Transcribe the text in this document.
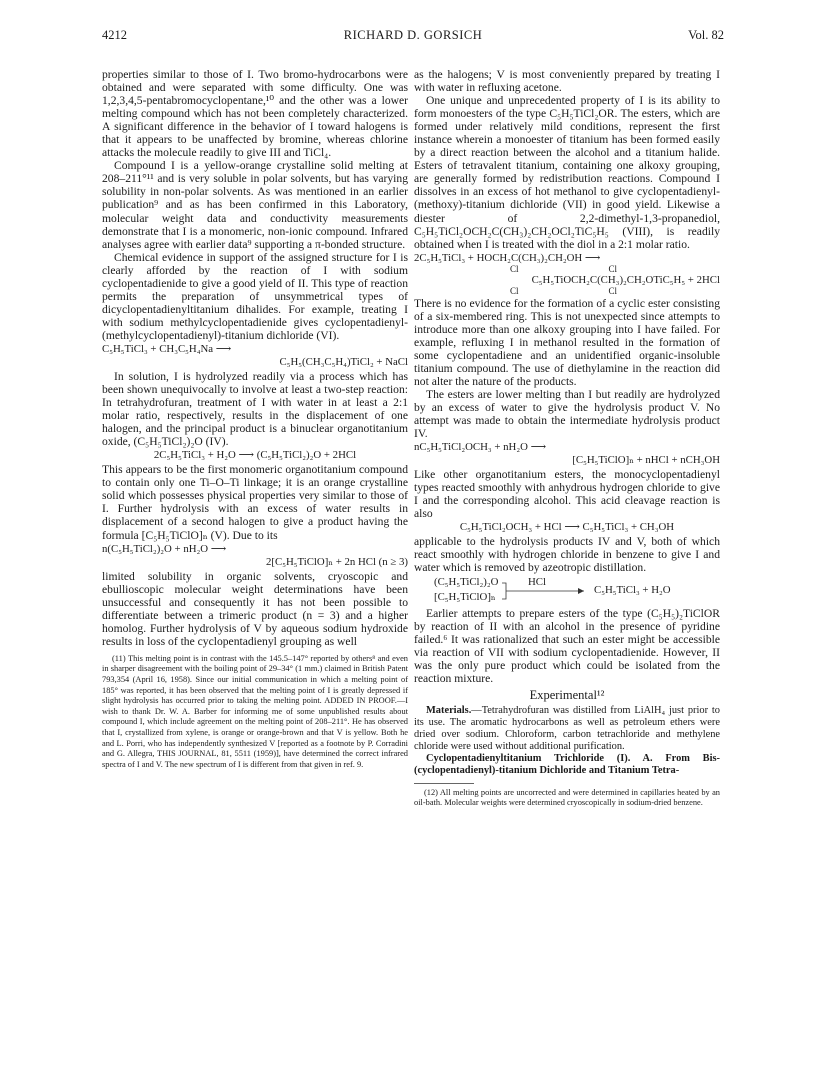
4212	RICHARD D. GORSICH	Vol. 82

properties similar to those of I. Two bromo-hydrocarbons were obtained and were separated with some difficulty. One was 1,2,3,4,5-pentabromocyclopentane,¹⁰ and the other was a lower melting compound which has not been completely characterized. A significant difference in the behavior of I toward halogens is that it appears to be unaffected by bromine, whereas chlorine attacks the molecule readily to give III and TiCl₄.

Compound I is a yellow-orange crystalline solid melting at 208–211°¹¹ and is very soluble in polar solvents, but has varying solubility in non-polar solvents. As was mentioned in an earlier publication⁹ and as has been confirmed in this Laboratory, molecular weight data and conductivity measurements demonstrate that I is a monomeric, non-ionic compound. Infrared analyses agree with earlier data⁹ supporting a π-bonded structure.

Chemical evidence in support of the assigned structure for I is clearly afforded by the reaction of I with sodium cyclopentadienide to give a good yield of II. This type of reaction permits the preparation of unsymmetrical types of dicyclopentadienyltitanium dihalides. For example, treating I with sodium methylcyclopentadienide gives cyclopentadienyl-(methylcyclopentadienyl)-titanium dichloride (VI).

C₅H₅TiCl₃ + CH₃C₅H₄Na ⟶
C₅H₅(CH₃C₅H₄)TiCl₂ + NaCl

In solution, I is hydrolyzed readily via a process which has been shown unequivocally to involve at least a two-step reaction: In tetrahydrofuran, treatment of I with water in at least a 2:1 molar ratio, respectively, results in the displacement of one halogen, and the principal product is a binuclear organotitanium oxide, (C₅H₅TiCl₂)₂O (IV).

2C₅H₅TiCl₃ + H₂O ⟶ (C₅H₅TiCl₂)₂O + 2HCl

This appears to be the first monomeric organotitanium compound to contain only one Ti–O–Ti linkage; it is an orange crystalline solid which possesses physical properties very similar to those of I. Further hydrolysis with an excess of water results in displacement of a second halogen to give a product having the formula [C₅H₅TiClO]ₙ (V). Due to its

n(C₅H₅TiCl₂)₂O + nH₂O ⟶
2[C₅H₅TiClO]ₙ + 2n HCl (n ≥ 3)

limited solubility in organic solvents, cryoscopic and ebullioscopic molecular weight determinations have been unsuccessful and consequently it has not been possible to differentiate between a trimeric product (n = 3) and a higher homolog. Further hydrolysis of V by aqueous sodium hydroxide results in loss of the cyclopentadienyl grouping as well

(11) This melting point is in contrast with the 145.5–147° reported by others⁸ and even in sharper disagreement with the boiling point of 29–34° (1 mm.) claimed in British Patent 793,354 (April 16, 1958). Since our initial communication in which a melting point of 185° was reported, it has been observed that the melting point of I is greatly depressed if slight hydrolysis has occurred prior to taking the melting point. ADDED IN PROOF.—I wish to thank Dr. W. A. Barber for informing me of some unpublished results about compound I, which include agreement on the melting point of 208–211°. He has observed that I, crystallized from xylene, is orange or orange-brown and that V is yellow. Both he and L. Porri, who has independently synthesized V [reported as a footnote by P. Corradini and G. Allegra, THIS JOURNAL, 81, 5511 (1959)], have determined the correct infrared spectra of I and V. The new spectrum of I is different from that given in ref. 9.

as the halogens; V is most conveniently prepared by treating I with water in refluxing acetone.

One unique and unprecedented property of I is its ability to form monoesters of the type C₅H₅TiCl₂OR. The esters, which are formed under relatively mild conditions, represent the first instance wherein a monoester of titanium has been formed easily by a direct reaction between the alcohol and a titanium halide. Esters of tetravalent titanium, containing one alkoxy grouping, are generally formed by redistribution reactions. Compound I dissolves in an excess of hot methanol to give cyclopentadienyl-(methoxy)-titanium dichloride (VII) in good yield. Likewise a diester of 2,2-dimethyl-1,3-propanediol, C₅H₅TiCl₂OCH₂C(CH₃)₂CH₂OCl₂TiC₅H₅ (VIII), is readily obtained when I is treated with the diol in a 2:1 molar ratio.

2C₅H₅TiCl₃ + HOCH₂C(CH₃)₂CH₂OH ⟶
Cl                                        Cl
C₅H₅TiOCH₂C(CH₃)₂CH₂OTiC₅H₅ + 2HCl
Cl                                        Cl

There is no evidence for the formation of a cyclic ester consisting of a six-membered ring. This is not unexpected since attempts to introduce more than one alkoxy grouping into I have failed. For example, refluxing I in methanol resulted in the formation of some cyclopentadiene and an unidentified organic-insoluble titanium compound. The use of diethylamine in the reaction did not alter the nature of the products.

The esters are lower melting than I but readily are hydrolyzed by an excess of water to give the hydrolysis product V. No attempt was made to obtain the intermediate hydrolysis product IV.

nC₅H₅TiCl₂OCH₃ + nH₂O ⟶
[C₅H₅TiClO]ₙ + nHCl + nCH₃OH

Like other organotitanium esters, the monocyclopentadienyl types reacted smoothly with anhydrous hydrogen chloride to give I and the corresponding alcohol. This acid cleavage reaction is also

C₅H₅TiCl₂OCH₃ + HCl ⟶ C₅H₅TiCl₃ + CH₃OH

applicable to the hydrolysis products IV and V, both of which react smoothly with hydrogen chloride in benzene to give I and water which is removed by azeotropic distillation.

(C₅H₅TiCl₂)₂O	HCl
[C₅H₅TiClO]ₙ
C₅H₅TiCl₃ + H₂O

Earlier attempts to prepare esters of the type (C₅H₅)₂TiClOR by reaction of II with an alcohol in the presence of pyridine failed.⁶ It was rationalized that such an ester might be accessible via reaction of VII with sodium cyclopentadienide. However, II was the only pure product which could be isolated from the reaction mixture.

Experimental¹²

Materials.—Tetrahydrofuran was distilled from LiAlH₄ just prior to its use. The aromatic hydrocarbons as well as petroleum ethers were dried over sodium. Chloroform, carbon tetrachloride and methylene chloride were used without additional purification.

Cyclopentadienyltitanium Trichloride (I). A. From Bis-(cyclopentadienyl)-titanium Dichloride and Titanium Tetra-

(12) All melting points are uncorrected and were determined in capillaries heated by an oil-bath. Molecular weights were determined cryoscopically in sodium-dried benzene.
